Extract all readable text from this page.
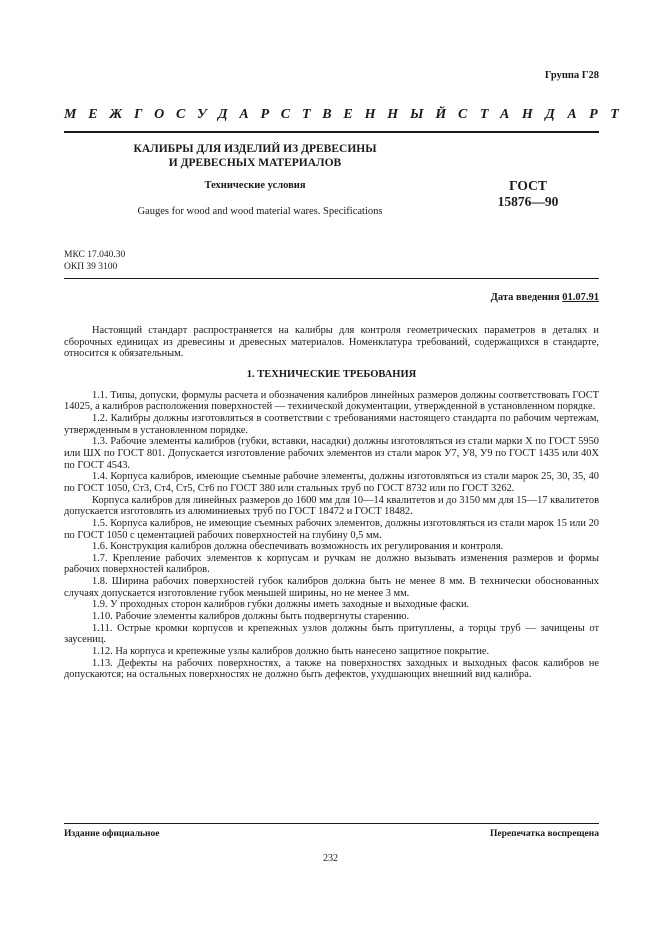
Группа Г28
МЕЖГОСУДАРСТВЕННЫЙ СТАНДАРТ
КАЛИБРЫ ДЛЯ ИЗДЕЛИЙ ИЗ ДРЕВЕСИНЫ
И ДРЕВЕСНЫХ МАТЕРИАЛОВ
Технические условия
Gauges for wood and wood material wares. Specifications
ГОСТ
15876—90
МКС 17.040.30
ОКП 39 3100
Дата введения 01.07.91

Настоящий стандарт распространяется на калибры для контроля геометрических параметров в деталях и сборочных единицах из древесины и древесных материалов. Номенклатура требований, содержащихся в стандарте, относится к обязательным.

1. ТЕХНИЧЕСКИЕ ТРЕБОВАНИЯ

1.1. Типы, допуски, формулы расчета и обозначения калибров линейных размеров должны соответствовать ГОСТ 14025, а калибров расположения поверхностей — технической документации, утвержденной в установленном порядке.

1.2. Калибры должны изготовляться в соответствии с требованиями настоящего стандарта по рабочим чертежам, утвержденным в установленном порядке.

1.3. Рабочие элементы калибров (губки, вставки, насадки) должны изготовляться из стали марки Х по ГОСТ 5950 или ШХ по ГОСТ 801. Допускается изготовление рабочих элементов из стали марок У7, У8, У9 по ГОСТ 1435 или 40Х по ГОСТ 4543.

1.4. Корпуса калибров, имеющие съемные рабочие элементы, должны изготовляться из стали марок 25, 30, 35, 40 по ГОСТ 1050, Ст3, Ст4, Ст5, Ст6 по ГОСТ 380 или стальных труб по ГОСТ 8732 или по ГОСТ 3262.

Корпуса калибров для линейных размеров до 1600 мм для 10—14 квалитетов и до 3150 мм для 15—17 квалитетов допускается изготовлять из алюминиевых труб по ГОСТ 18472 и ГОСТ 18482.

1.5. Корпуса калибров, не имеющие съемных рабочих элементов, должны изготовляться из стали марок 15 или 20 по ГОСТ 1050 с цементацией рабочих поверхностей на глубину 0,5 мм.

1.6. Конструкция калибров должна обеспечивать возможность их регулирования и контроля.

1.7. Крепление рабочих элементов к корпусам и ручкам не должно вызывать изменения размеров и формы рабочих поверхностей калибров.

1.8. Ширина рабочих поверхностей губок калибров должна быть не менее 8 мм. В технически обоснованных случаях допускается изготовление губок меньшей ширины, но не менее 3 мм.

1.9. У проходных сторон калибров губки должны иметь заходные и выходные фаски.

1.10. Рабочие элементы калибров должны быть подвергнуты старению.

1.11. Острые кромки корпусов и крепежных узлов должны быть притуплены, а торцы труб — зачищены от заусениц.

1.12. На корпуса и крепежные узлы калибров должно быть нанесено защитное покрытие.

1.13. Дефекты на рабочих поверхностях, а также на поверхностях заходных и выходных фасок калибров не допускаются; на остальных поверхностях не должно быть дефектов, ухудшающих внешний вид калибра.

Издание официальное	Перепечатка воспрещена
232
